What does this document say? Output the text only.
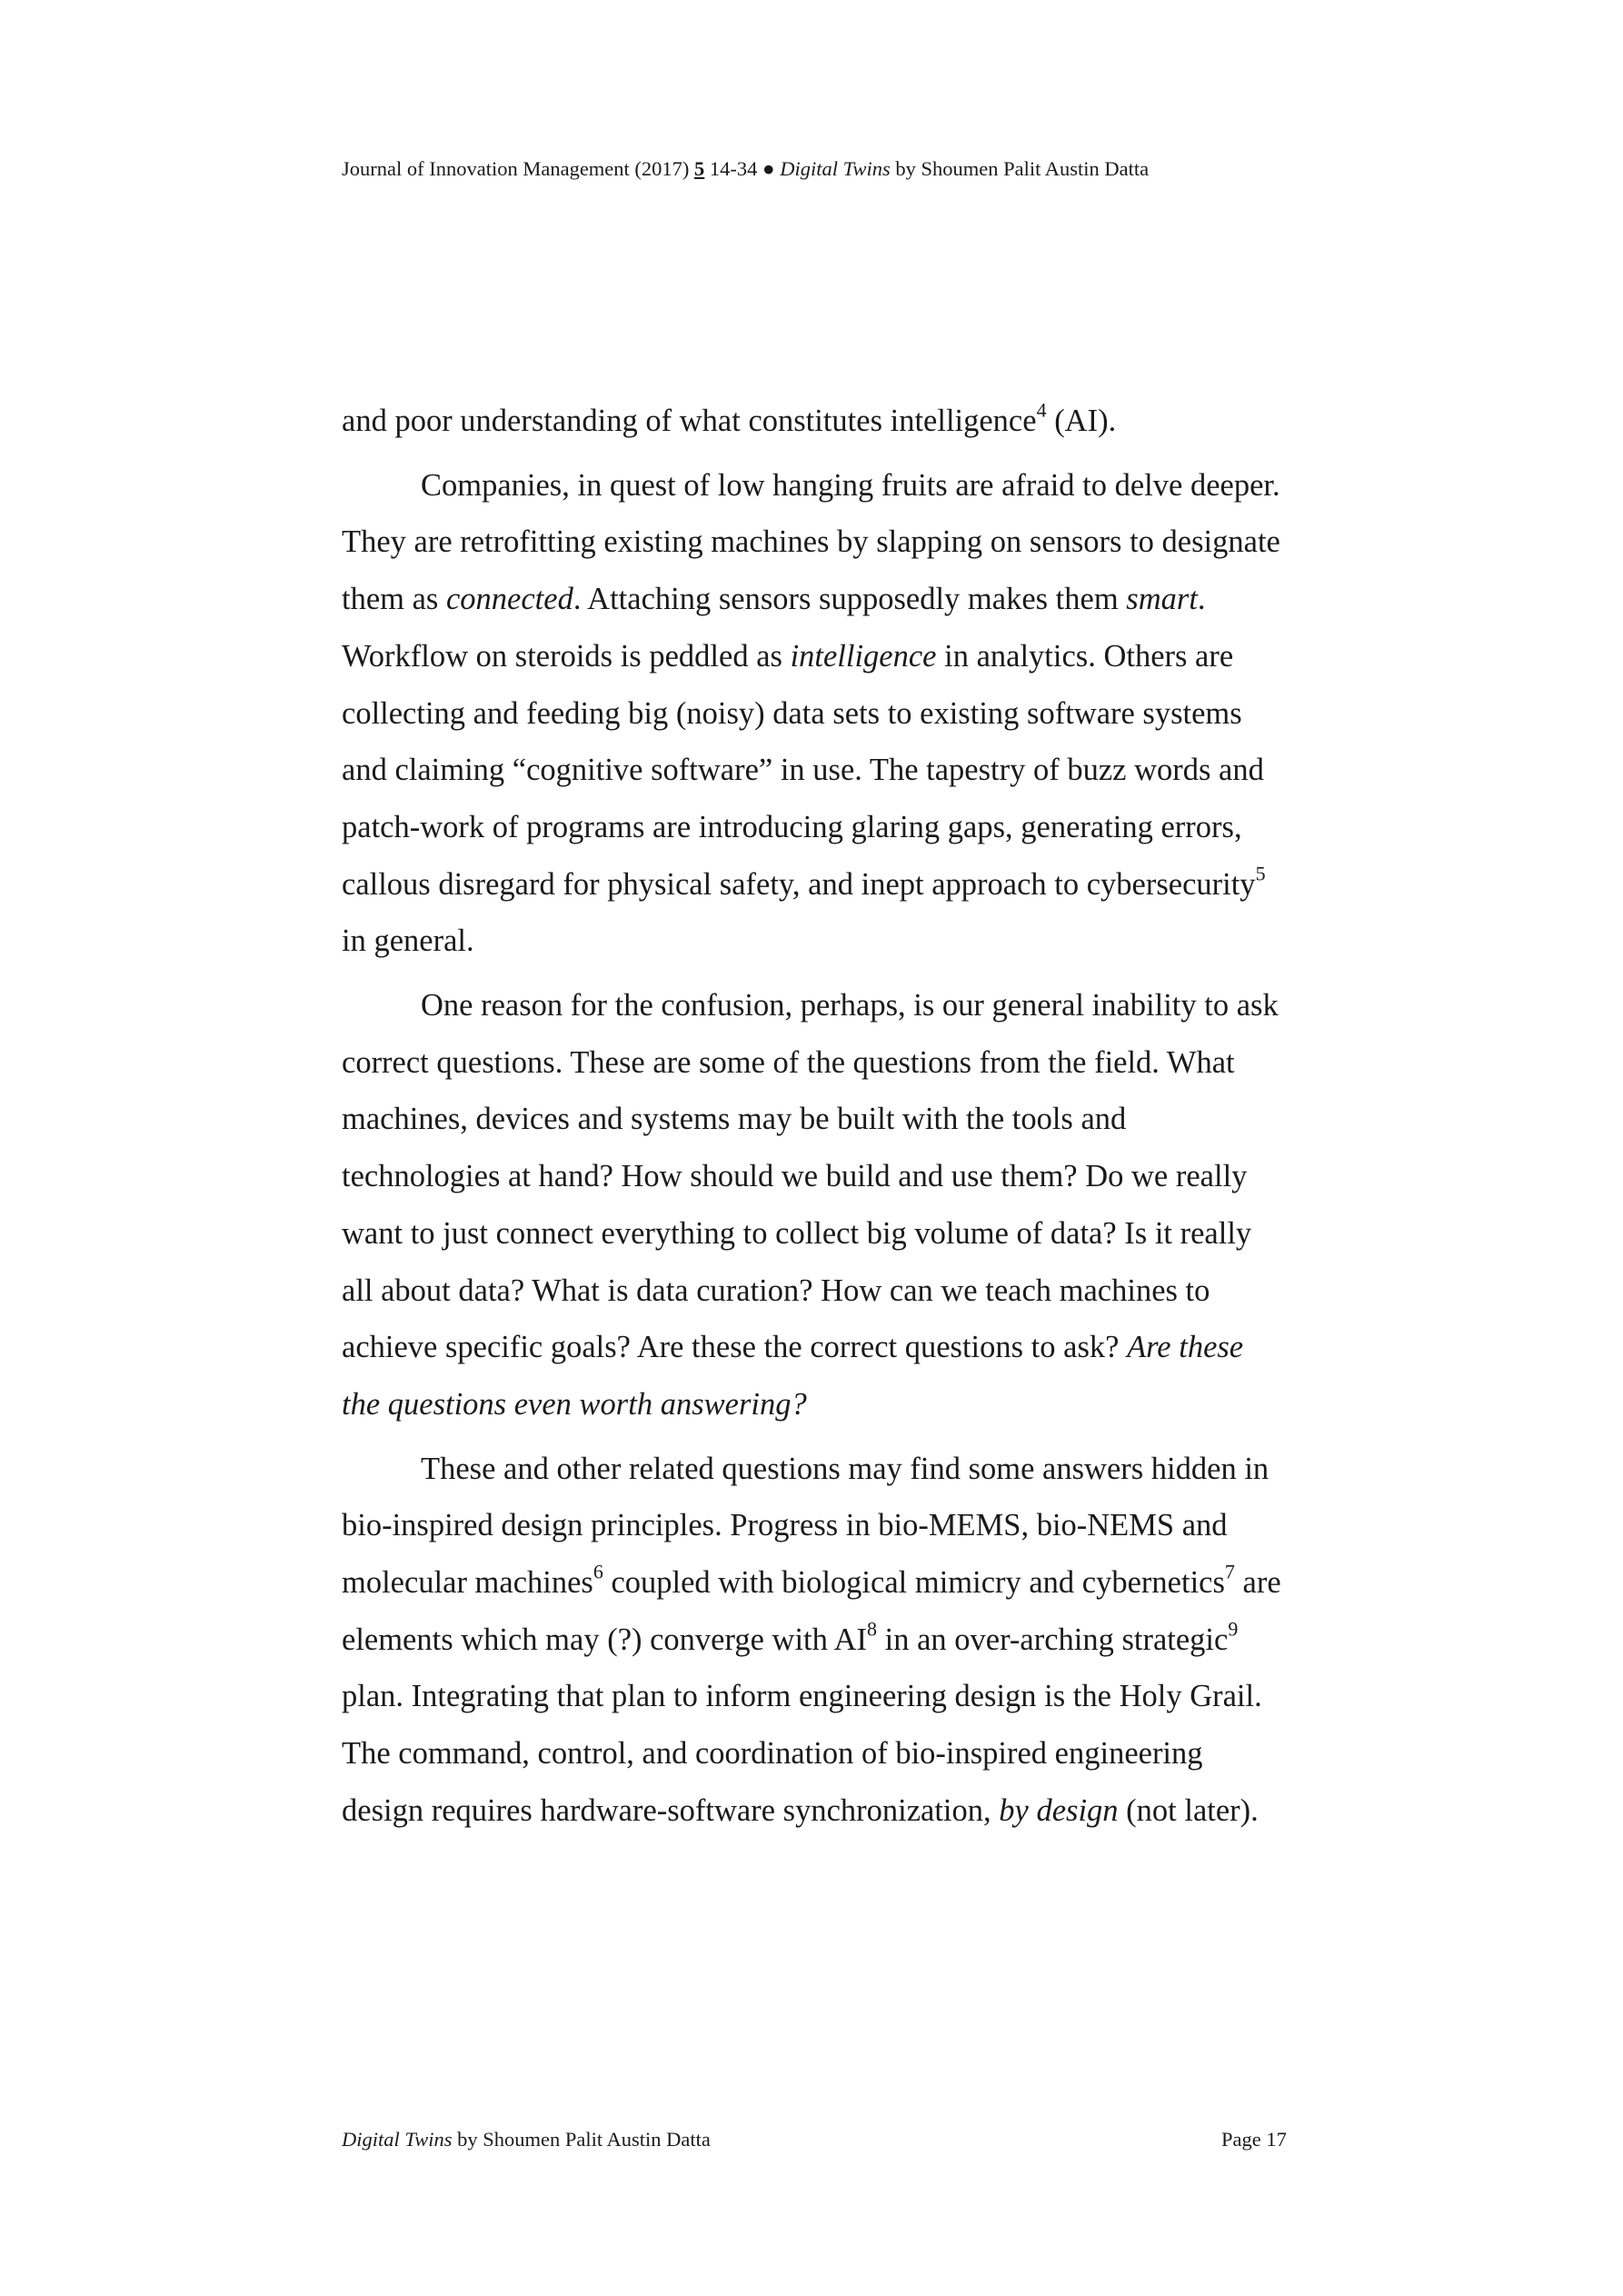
Journal of Innovation Management (2017) 5 14-34 ● Digital Twins by Shoumen Palit Austin Datta

and poor understanding of what constitutes intelligence$^4$ (AI).

Companies, in quest of low hanging fruits are afraid to delve deeper. They are retrofitting existing machines by slapping on sensors to designate them as connected. Attaching sensors supposedly makes them smart. Workflow on steroids is peddled as intelligence in analytics. Others are collecting and feeding big (noisy) data sets to existing software systems and claiming “cognitive software” in use. The tapestry of buzz words and patch-work of programs are introducing glaring gaps, generating errors, callous disregard for physical safety, and inept approach to cybersecurity$^5$ in general.

One reason for the confusion, perhaps, is our general inability to ask correct questions. These are some of the questions from the field. What machines, devices and systems may be built with the tools and technologies at hand? How should we build and use them? Do we really want to just connect everything to collect big volume of data? Is it really all about data? What is data curation? How can we teach machines to achieve specific goals? Are these the correct questions to ask? Are these the questions even worth answering?

These and other related questions may find some answers hidden in bio-inspired design principles. Progress in bio-MEMS, bio-NEMS and molecular machines$^6$ coupled with biological mimicry and cybernetics$^7$ are elements which may (?) converge with $AI^8$ in an over-arching strategic$^9$ plan. Integrating that plan to inform engineering design is the Holy Grail. The command, control, and coordination of bio-inspired engineering design requires hardware-software synchronization, by design (not later).

Digital Twins by Shoumen Palit Austin Datta	Page 17
